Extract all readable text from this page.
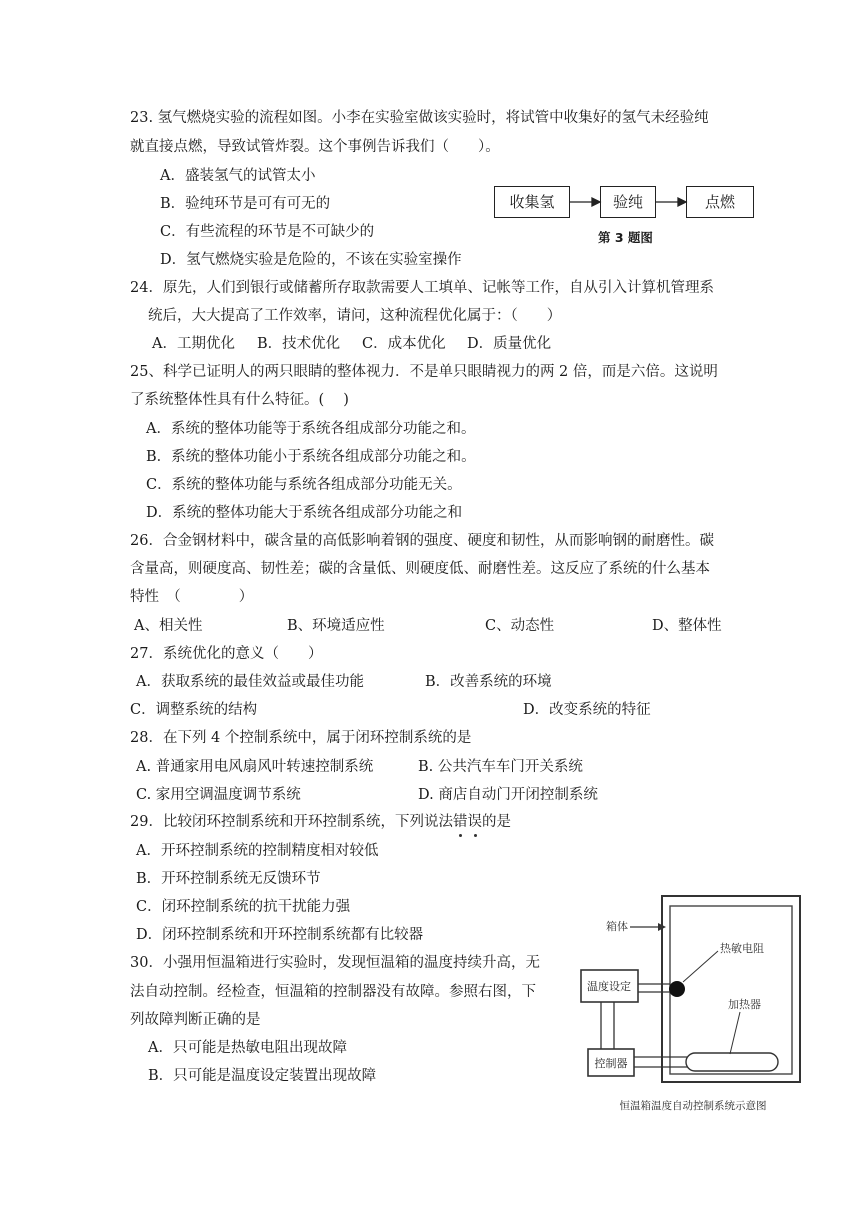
23. 氢气燃烧实验的流程如图。小李在实验室做该实验时，将试管中收集好的氢气未经验纯
就直接点燃，导致试管炸裂。这个事例告诉我们（　　）。
A．盛装氢气的试管太小
B．验纯环节是可有可无的
C．有些流程的环节是不可缺少的
D．氢气燃烧实验是危险的，不该在实验室操作
收集氢	验纯	点燃
第 3 题图
24．原先，人们到银行或储蓄所存取款需要人工填单、记帐等工作，自从引入计算机管理系
统后，大大提高了工作效率，请问，这种流程优化属于：（　　）
A．工期优化 B．技术优化 C．成本优化 D．质量优化
25、科学已证明人的两只眼睛的整体视力．不是单只眼睛视力的两 2 倍，而是六倍。这说明
了系统整体性具有什么特征。(　 )
A．系统的整体功能等于系统各组成部分功能之和。
B．系统的整体功能小于系统各组成部分功能之和。
C．系统的整体功能与系统各组成部分功能无关。
D．系统的整体功能大于系统各组成部分功能之和
26．合金钢材料中，碳含量的高低影响着钢的强度、硬度和韧性，从而影响钢的耐磨性。碳
含量高，则硬度高、韧性差；碳的含量低、则硬度低、耐磨性差。这反应了系统的什么基本
特性　（　　　　）
A、相关性	B、环境适应性	C、动态性	D、整体性
27．系统优化的意义（　　）
A．获取系统的最佳效益或最佳功能	B．改善系统的环境
C．调整系统的结构	D．改变系统的特征
28．在下列 4 个控制系统中，属于闭环控制系统的是
A. 普通家用电风扇风叶转速控制系统	B. 公共汽车车门开关系统
C. 家用空调温度调节系统	D. 商店自动门开闭控制系统
29．比较闭环控制系统和开环控制系统，下列说法错误的是
A．开环控制系统的控制精度相对较低
B．开环控制系统无反馈环节
C．闭环控制系统的抗干扰能力强
D．闭环控制系统和开环控制系统都有比较器
30．小强用恒温箱进行实验时，发现恒温箱的温度持续升高，无
法自动控制。经检查，恒温箱的控制器没有故障。参照右图，下
列故障判断正确的是
A．只可能是热敏电阻出现故障
B．只可能是温度设定装置出现故障
箱体
热敏电阻
温度设定
控制器
加热器
恒温箱温度自动控制系统示意图
